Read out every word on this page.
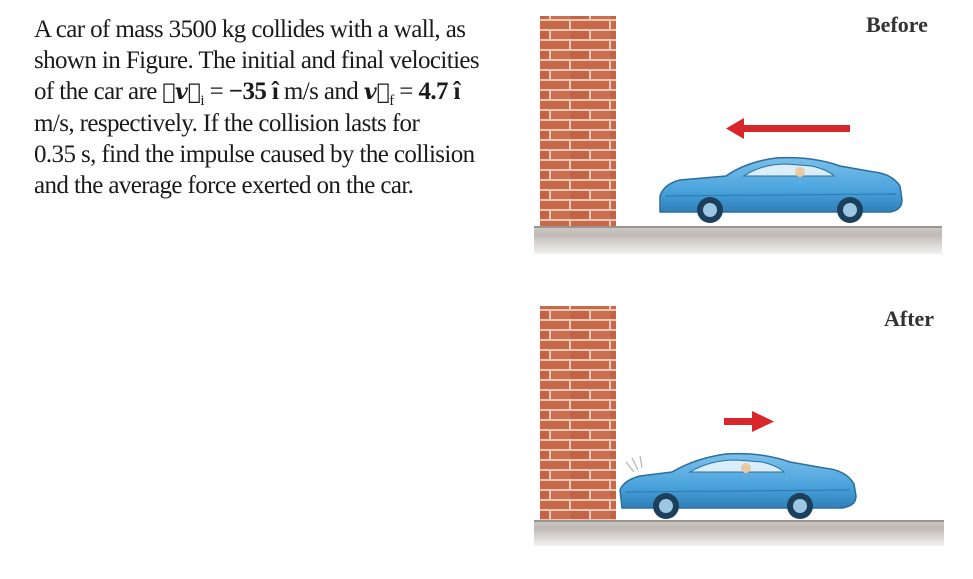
A car of mass 3500 kg collides with a wall, as
shown in Figure. The initial and final velocities
of the car are $⃗v⃗_i = -35$ î m/s and $v⃗_f = 4.7$ î
m/s, respectively. If the collision lasts for
0.35 s, find the impulse caused by the collision
and the average force exerted on the car.
Before
After
